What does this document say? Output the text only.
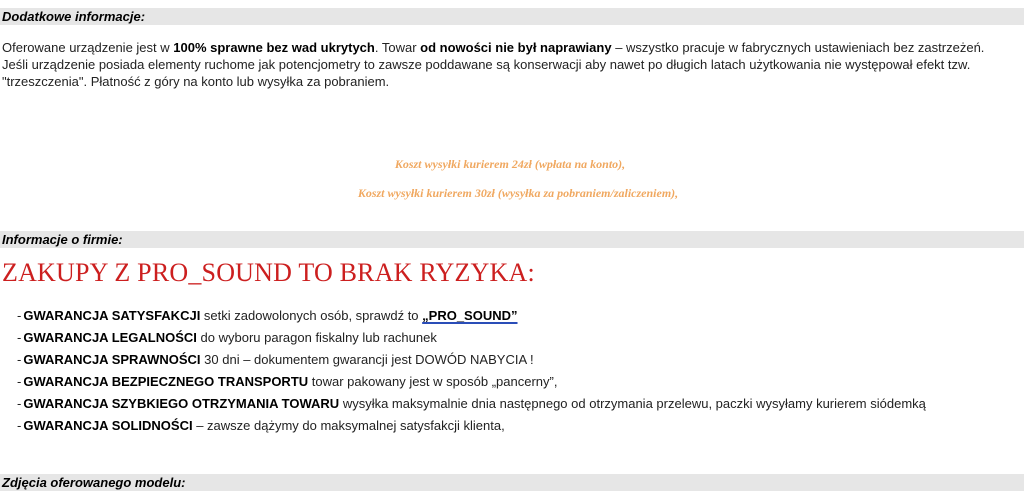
Dodatkowe informacje:

Oferowane urządzenie jest w 100% sprawne bez wad ukrytych. Towar od nowości nie był naprawiany – wszystko pracuje w fabrycznych ustawieniach bez zastrzeżeń. Jeśli urządzenie posiada elementy ruchome jak potencjometry to zawsze poddawane są konserwacji aby nawet po długich latach użytkowania nie występował efekt tzw. "trzeszczenia". Płatność z góry na konto lub wysyłka za pobraniem.

Koszt wysyłki kurierem 24zł (wpłata na konto),
Koszt wysyłki kurierem 30zł (wysyłka za pobraniem/zaliczeniem),
Informacje o firmie:
ZAKUPY Z PRO_SOUND TO BRAK RYZYKA:
- GWARANCJA SATYSFAKCJI setki zadowolonych osób, sprawdź to „PRO_SOUND”
- GWARANCJA LEGALNOŚCI do wyboru paragon fiskalny lub rachunek
- GWARANCJA SPRAWNOŚCI 30 dni – dokumentem gwarancji jest DOWÓD NABYCIA !
- GWARANCJA BEZPIECZNEGO TRANSPORTU towar pakowany jest w sposób „pancerny”,
- GWARANCJA SZYBKIEGO OTRZYMANIA TOWARU wysyłka maksymalnie dnia następnego od otrzymania przelewu, paczki wysyłamy kurierem siódemką
- GWARANCJA SOLIDNOŚCI – zawsze dążymy do maksymalnej satysfakcji klienta,
Zdjęcia oferowanego modelu:
